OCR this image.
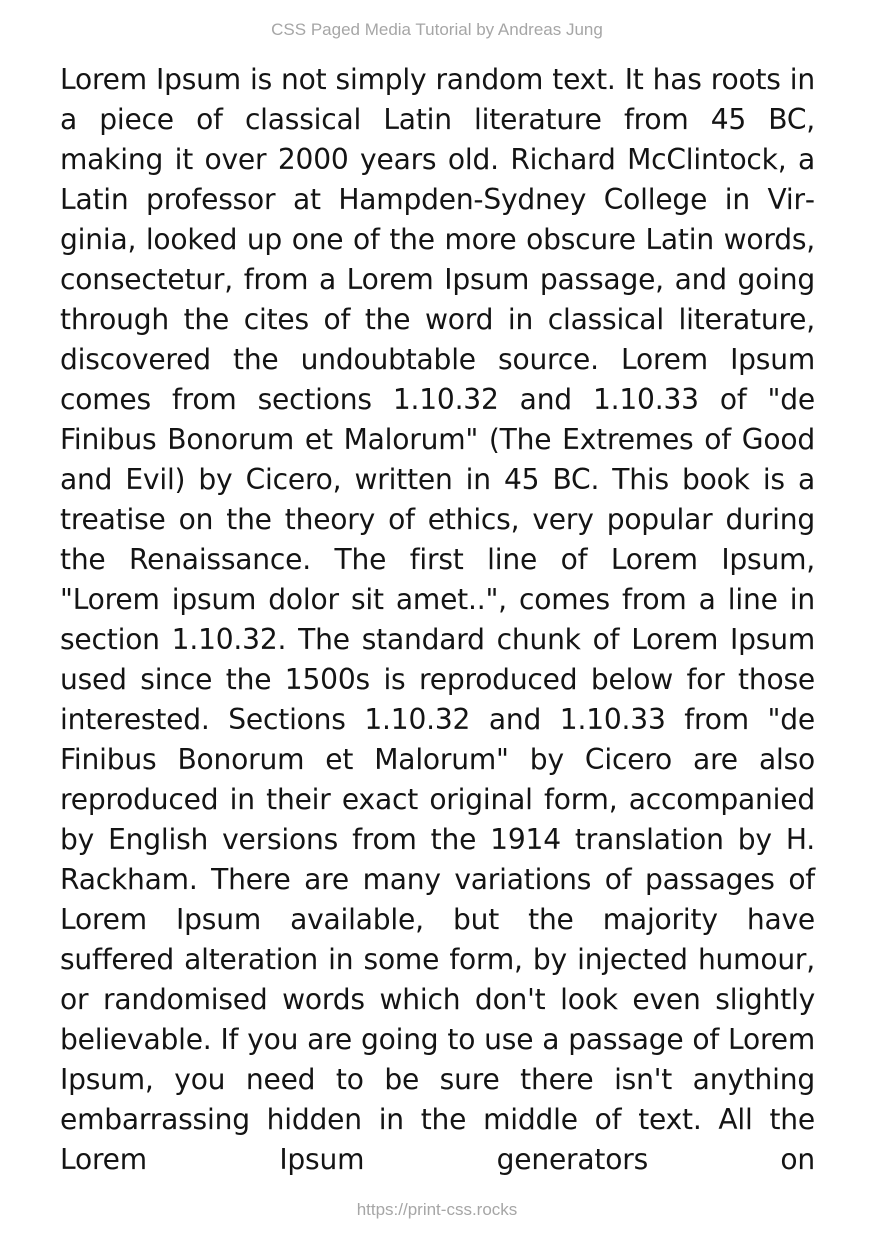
CSS Paged Media Tutorial by Andreas Jung

Lorem Ipsum is not simply random text. It has roots in a piece of classical Latin literature from 45 BC, making it over 2000 years old. Richard McClintock, a Latin professor at Hampden-Sydney College in Virginia, looked up one of the more obscure Latin words, consectetur, from a Lorem Ipsum passage, and going through the cites of the word in classical literature, discovered the undoubtable source. Lorem Ipsum comes from sections 1.10.32 and 1.10.33 of "de Finibus Bonorum et Malorum" (The Extremes of Good and Evil) by Cicero, written in 45 BC. This book is a treatise on the theory of ethics, very popular during the Renaissance. The first line of Lorem Ipsum, "Lorem ipsum dolor sit amet..", comes from a line in section 1.10.32. The standard chunk of Lorem Ipsum used since the 1500s is reproduced below for those interested. Sections 1.10.32 and 1.10.33 from "de Finibus Bonorum et Malorum" by Cicero are also reproduced in their exact original form, accompanied by English versions from the 1914 translation by H. Rackham. There are many variations of passages of Lorem Ipsum available, but the majority have suffered alteration in some form, by injected humour, or randomised words which don't look even slightly believable. If you are going to use a passage of Lorem Ipsum, you need to be sure there isn't anything embarrassing hidden in the middle of text. All the Lorem Ipsum generators on

https://print-css.rocks
